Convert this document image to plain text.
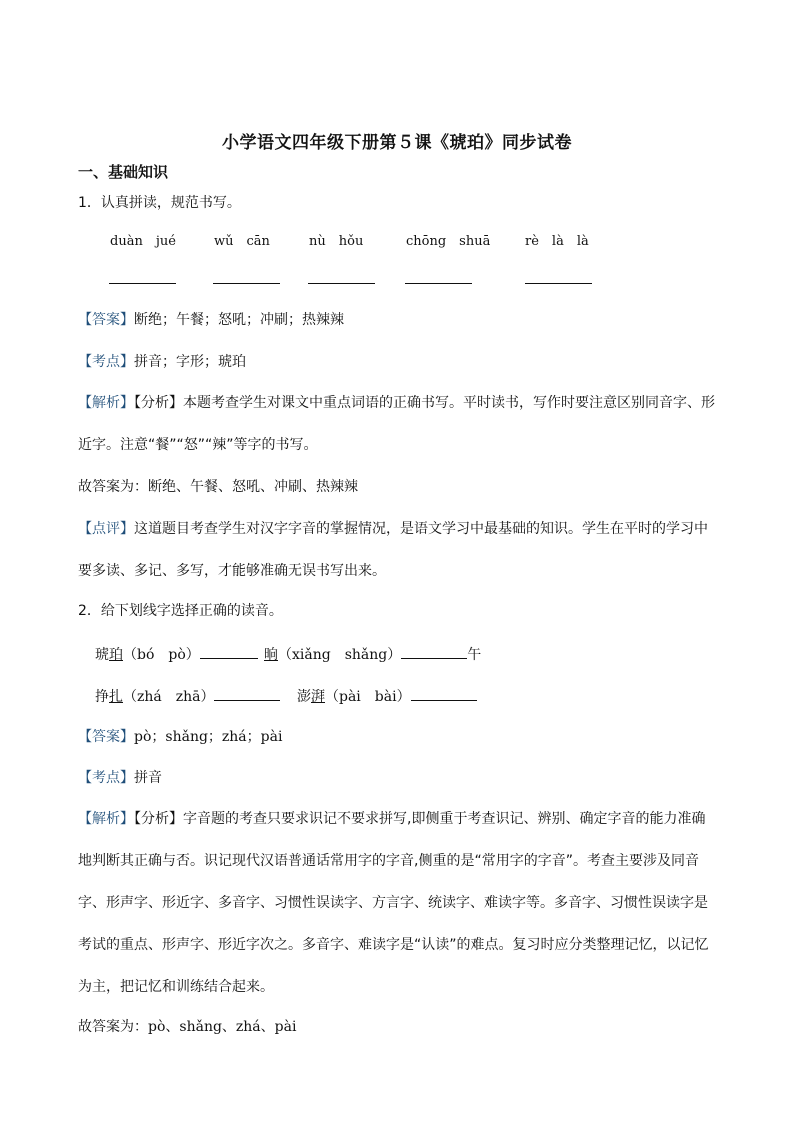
小学语文四年级下册第５课《琥珀》同步试卷
一、基础知识
1．认真拼读，规范书写。
duàn　jué	wǔ　cān	nù　hǒu	chōng　shuā	rè　là　là
【答案】断绝；午餐；怒吼；冲刷；热辣辣
【考点】拼音；字形；琥珀
【解析】【分析】本题考查学生对课文中重点词语的正确书写。平时读书，写作时要注意区别同音字、形近字。注意“餐”“怒”“辣”等字的书写。
故答案为：断绝、午餐、怒吼、冲刷、热辣辣
【点评】这道题目考查学生对汉字字音的掌握情况，是语文学习中最基础的知识。学生在平时的学习中要多读、多记、多写，才能够准确无误书写出来。
2．给下划线字选择正确的读音。
琥珀（bó　pò）	晌（xiǎng　shǎng）	午
挣扎（zhá　zhā）	澎湃（pài　bài）
【答案】pò；shǎng；zhá；pài
【考点】拼音
【解析】【分析】字音题的考查只要求识记不要求拼写,即侧重于考查识记、辨别、确定字音的能力准确地判断其正确与否。识记现代汉语普通话常用字的字音,侧重的是“常用字的字音”。考查主要涉及同音字、形声字、形近字、多音字、习惯性误读字、方言字、统读字、难读字等。多音字、习惯性误读字是考试的重点、形声字、形近字次之。多音字、难读字是“认读”的难点。复习时应分类整理记忆，以记忆为主，把记忆和训练结合起来。
故答案为：pò、shǎng、zhá、pài
